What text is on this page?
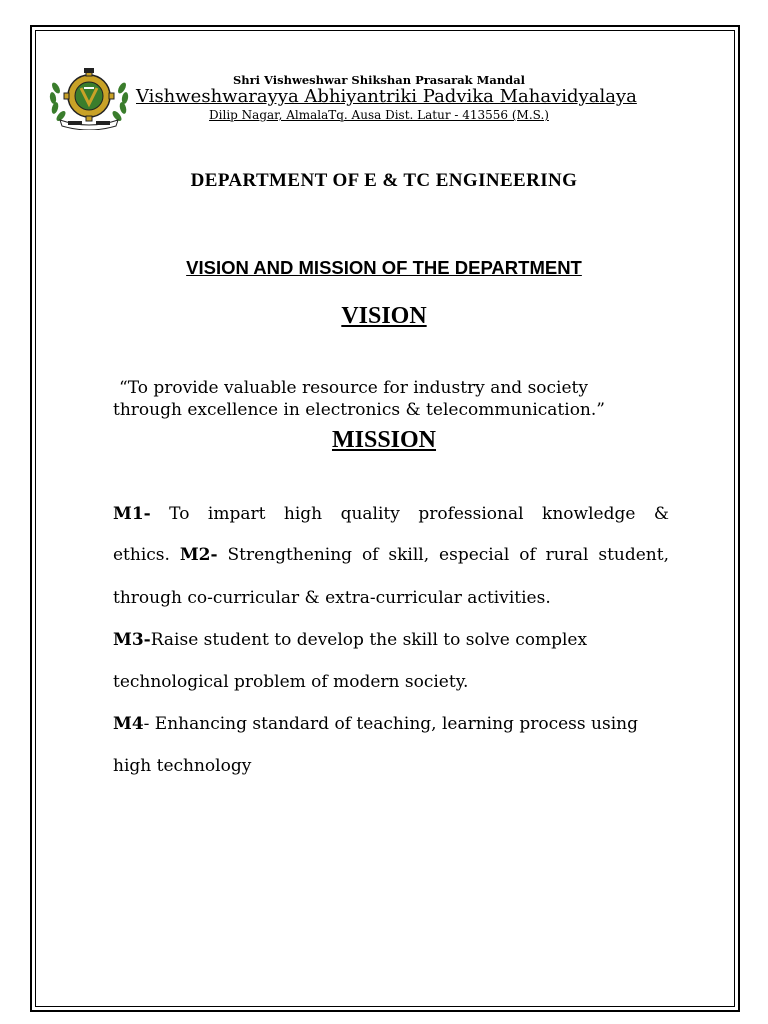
Shri Vishweshwar Shikshan Prasarak Mandal
Vishweshwarayya Abhiyantriki Padvika Mahavidyalaya
Dilip Nagar, AlmalaTq. Ausa Dist. Latur - 413556 (M.S.)
DEPARTMENT OF E & TC ENGINEERING
VISION AND MISSION OF THE DEPARTMENT
VISION
“To provide valuable resource for industry and society
through excellence in electronics & telecommunication.”
MISSION
M1- To impart high quality professional knowledge &
ethics. M2- Strengthening of skill, especial of rural student,
through co-curricular & extra-curricular activities.
M3-Raise student to develop the skill to solve complex
technological problem of modern society.
M4- Enhancing standard of teaching, learning process using
high technology
